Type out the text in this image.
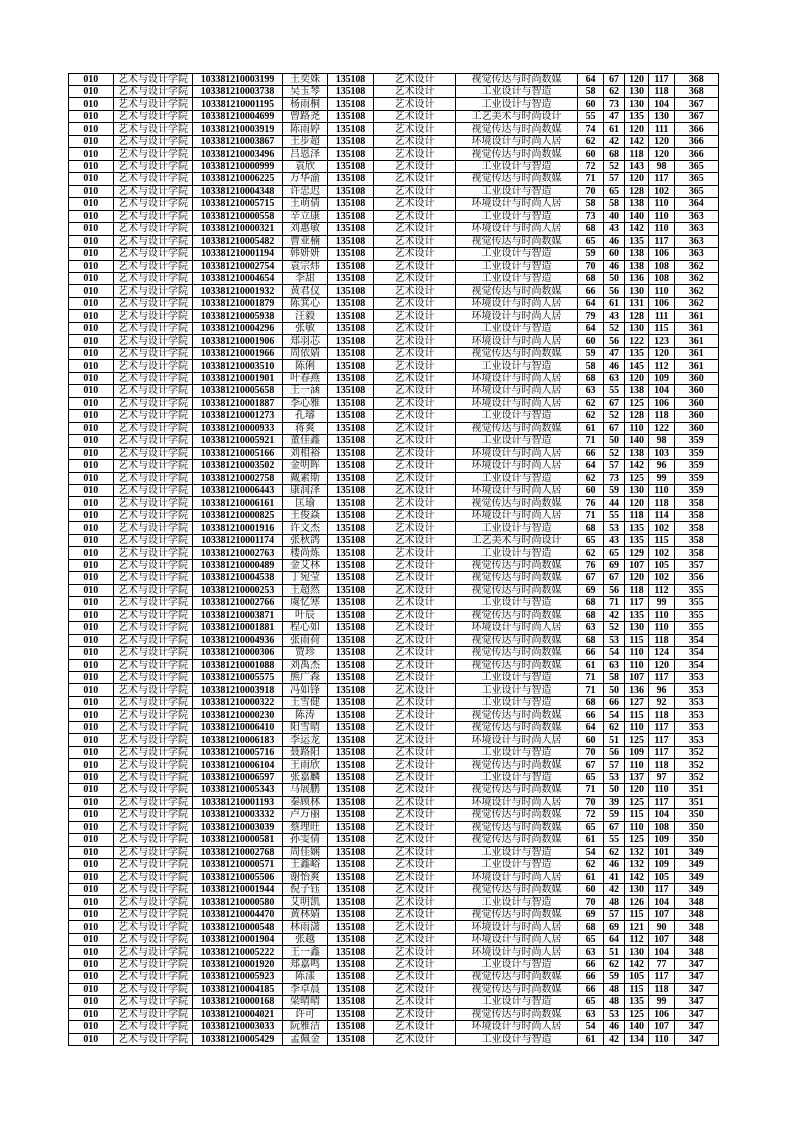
010	艺术与设计学院	103381210003199	王奕姝	135108	艺术设计	视觉传达与时尚数媒	64	67	120	117	368
010	艺术与设计学院	103381210003738	吴玉琴	135108	艺术设计	工业设计与智造	58	62	130	118	368
010	艺术与设计学院	103381210001195	杨雨桐	135108	艺术设计	工业设计与智造	60	73	130	104	367
010	艺术与设计学院	103381210004699	曾路尧	135108	艺术设计	工艺美术与时尚设计	55	47	135	130	367
010	艺术与设计学院	103381210003919	陈雨婷	135108	艺术设计	视觉传达与时尚数媒	74	61	120	111	366
010	艺术与设计学院	103381210003867	王步超	135108	艺术设计	环境设计与时尚人居	62	42	142	120	366
010	艺术与设计学院	103381210003496	吕恩泽	135108	艺术设计	视觉传达与时尚数媒	60	68	118	120	366
010	艺术与设计学院	103381210000999	袁欣	135108	艺术设计	工业设计与智造	72	52	143	98	365
010	艺术与设计学院	103381210006225	万华渝	135108	艺术设计	视觉传达与时尚数媒	71	57	120	117	365
010	艺术与设计学院	103381210004348	许忠迟	135108	艺术设计	工业设计与智造	70	65	128	102	365
010	艺术与设计学院	103381210005715	王萌倩	135108	艺术设计	环境设计与时尚人居	58	58	138	110	364
010	艺术与设计学院	103381210000558	辛立康	135108	艺术设计	工业设计与智造	73	40	140	110	363
010	艺术与设计学院	103381210000321	刘惠敏	135108	艺术设计	环境设计与时尚人居	68	43	142	110	363
010	艺术与设计学院	103381210005482	曹亚楠	135108	艺术设计	视觉传达与时尚数媒	65	46	135	117	363
010	艺术与设计学院	103381210001194	韩妍妍	135108	艺术设计	工业设计与智造	59	60	138	106	363
010	艺术与设计学院	103381210002754	袁宗炜	135108	艺术设计	工业设计与智造	70	46	138	108	362
010	艺术与设计学院	103381210004654	李甜	135108	艺术设计	工业设计与智造	68	50	136	108	362
010	艺术与设计学院	103381210001932	黄君仪	135108	艺术设计	视觉传达与时尚数媒	66	56	130	110	362
010	艺术与设计学院	103381210001879	陈箕心	135108	艺术设计	环境设计与时尚人居	64	61	131	106	362
010	艺术与设计学院	103381210005938	汪毅	135108	艺术设计	环境设计与时尚人居	79	43	128	111	361
010	艺术与设计学院	103381210004296	张敏	135108	艺术设计	工业设计与智造	64	52	130	115	361
010	艺术与设计学院	103381210001906	郑羽芯	135108	艺术设计	环境设计与时尚人居	60	56	122	123	361
010	艺术与设计学院	103381210001966	周依婧	135108	艺术设计	视觉传达与时尚数媒	59	47	135	120	361
010	艺术与设计学院	103381210003510	陈俐	135108	艺术设计	工业设计与智造	58	46	145	112	361
010	艺术与设计学院	103381210001901	叶春燕	135108	艺术设计	环境设计与时尚人居	68	63	120	109	360
010	艺术与设计学院	103381210005658	王一涵	135108	艺术设计	环境设计与时尚人居	63	55	138	104	360
010	艺术与设计学院	103381210001887	李心雅	135108	艺术设计	环境设计与时尚人居	62	67	125	106	360
010	艺术与设计学院	103381210001273	孔璿	135108	艺术设计	工业设计与智造	62	52	128	118	360
010	艺术与设计学院	103381210000933	蒋爽	135108	艺术设计	视觉传达与时尚数媒	61	67	110	122	360
010	艺术与设计学院	103381210005921	董佳鑫	135108	艺术设计	工业设计与智造	71	50	140	98	359
010	艺术与设计学院	103381210005166	刘相裕	135108	艺术设计	环境设计与时尚人居	66	52	138	103	359
010	艺术与设计学院	103381210003502	金明晖	135108	艺术设计	环境设计与时尚人居	64	57	142	96	359
010	艺术与设计学院	103381210002758	戴素斯	135108	艺术设计	工业设计与智造	62	73	125	99	359
010	艺术与设计学院	103381210006443	康润泽	135108	艺术设计	环境设计与时尚人居	60	59	130	110	359
010	艺术与设计学院	103381210006161	匡瑜	135108	艺术设计	视觉传达与时尚数媒	76	44	120	118	358
010	艺术与设计学院	103381210000825	王俊焱	135108	艺术设计	环境设计与时尚人居	71	55	118	114	358
010	艺术与设计学院	103381210001916	许文杰	135108	艺术设计	工业设计与智造	68	53	135	102	358
010	艺术与设计学院	103381210001174	张秋鸽	135108	艺术设计	工艺美术与时尚设计	65	43	135	115	358
010	艺术与设计学院	103381210002763	楼尚炼	135108	艺术设计	工业设计与智造	62	65	129	102	358
010	艺术与设计学院	103381210000489	金艾林	135108	艺术设计	视觉传达与时尚数媒	76	69	107	105	357
010	艺术与设计学院	103381210004538	丁宛莹	135108	艺术设计	视觉传达与时尚数媒	67	67	120	102	356
010	艺术与设计学院	103381210000253	王超然	135108	艺术设计	视觉传达与时尚数媒	69	56	118	112	355
010	艺术与设计学院	103381210002766	虞忆寒	135108	艺术设计	工业设计与智造	68	71	117	99	355
010	艺术与设计学院	103381210003871	叶辰	135108	艺术设计	视觉传达与时尚数媒	68	42	135	110	355
010	艺术与设计学院	103381210001881	程心如	135108	艺术设计	环境设计与时尚人居	63	52	130	110	355
010	艺术与设计学院	103381210004936	张雨荷	135108	艺术设计	视觉传达与时尚数媒	68	53	115	118	354
010	艺术与设计学院	103381210000306	贾珍	135108	艺术设计	视觉传达与时尚数媒	66	54	110	124	354
010	艺术与设计学院	103381210001088	刘禹杰	135108	艺术设计	视觉传达与时尚数媒	61	63	110	120	354
010	艺术与设计学院	103381210005575	熊广森	135108	艺术设计	工业设计与智造	71	58	107	117	353
010	艺术与设计学院	103381210003918	冯如锋	135108	艺术设计	工业设计与智造	71	50	136	96	353
010	艺术与设计学院	103381210000322	王雪健	135108	艺术设计	工业设计与智造	68	66	127	92	353
010	艺术与设计学院	103381210000230	陈涛	135108	艺术设计	视觉传达与时尚数媒	66	54	115	118	353
010	艺术与设计学院	103381210006410	阳雪晴	135108	艺术设计	视觉传达与时尚数媒	64	62	110	117	353
010	艺术与设计学院	103381210006183	李运龙	135108	艺术设计	环境设计与时尚人居	60	51	125	117	353
010	艺术与设计学院	103381210005716	聂路阳	135108	艺术设计	工业设计与智造	70	56	109	117	352
010	艺术与设计学院	103381210006104	王雨欣	135108	艺术设计	视觉传达与时尚数媒	67	57	110	118	352
010	艺术与设计学院	103381210006597	张嘉麟	135108	艺术设计	工业设计与智造	65	53	137	97	352
010	艺术与设计学院	103381210005343	马展鹏	135108	艺术设计	视觉传达与时尚数媒	71	50	120	110	351
010	艺术与设计学院	103381210001193	秦顾林	135108	艺术设计	环境设计与时尚人居	70	39	125	117	351
010	艺术与设计学院	103381210003332	卢万丽	135108	艺术设计	视觉传达与时尚数媒	72	59	115	104	350
010	艺术与设计学院	103381210003039	蔡理旺	135108	艺术设计	视觉传达与时尚数媒	65	67	110	108	350
010	艺术与设计学院	103381210000581	孙雯倩	135108	艺术设计	视觉传达与时尚数媒	61	55	125	109	350
010	艺术与设计学院	103381210002768	周佳娴	135108	艺术设计	工业设计与智造	54	62	132	101	349
010	艺术与设计学院	103381210000571	王鑫峪	135108	艺术设计	工业设计与智造	62	46	132	109	349
010	艺术与设计学院	103381210005506	谢怡爽	135108	艺术设计	环境设计与时尚人居	61	41	142	105	349
010	艺术与设计学院	103381210001944	倪子钰	135108	艺术设计	视觉传达与时尚数媒	60	42	130	117	349
010	艺术与设计学院	103381210000580	艾明凯	135108	艺术设计	工业设计与智造	70	48	126	104	348
010	艺术与设计学院	103381210004470	黄林婧	135108	艺术设计	视觉传达与时尚数媒	69	57	115	107	348
010	艺术与设计学院	103381210000548	林雨潇	135108	艺术设计	环境设计与时尚人居	68	69	121	90	348
010	艺术与设计学院	103381210001904	张越	135108	艺术设计	环境设计与时尚人居	65	64	112	107	348
010	艺术与设计学院	103381210005222	王一鑫	135108	艺术设计	环境设计与时尚人居	63	51	130	104	348
010	艺术与设计学院	103381210001920	郑嘉鸣	135108	艺术设计	工业设计与智造	66	62	142	77	347
010	艺术与设计学院	103381210005923	陈漾	135108	艺术设计	视觉传达与时尚数媒	66	59	105	117	347
010	艺术与设计学院	103381210004185	李卓晨	135108	艺术设计	视觉传达与时尚数媒	66	48	115	118	347
010	艺术与设计学院	103381210000168	梁晴晴	135108	艺术设计	工业设计与智造	65	48	135	99	347
010	艺术与设计学院	103381210004021	许可	135108	艺术设计	视觉传达与时尚数媒	63	53	125	106	347
010	艺术与设计学院	103381210003033	阮雅洁	135108	艺术设计	环境设计与时尚人居	54	46	140	107	347
010	艺术与设计学院	103381210005429	孟佩金	135108	艺术设计	工业设计与智造	61	42	134	110	347
